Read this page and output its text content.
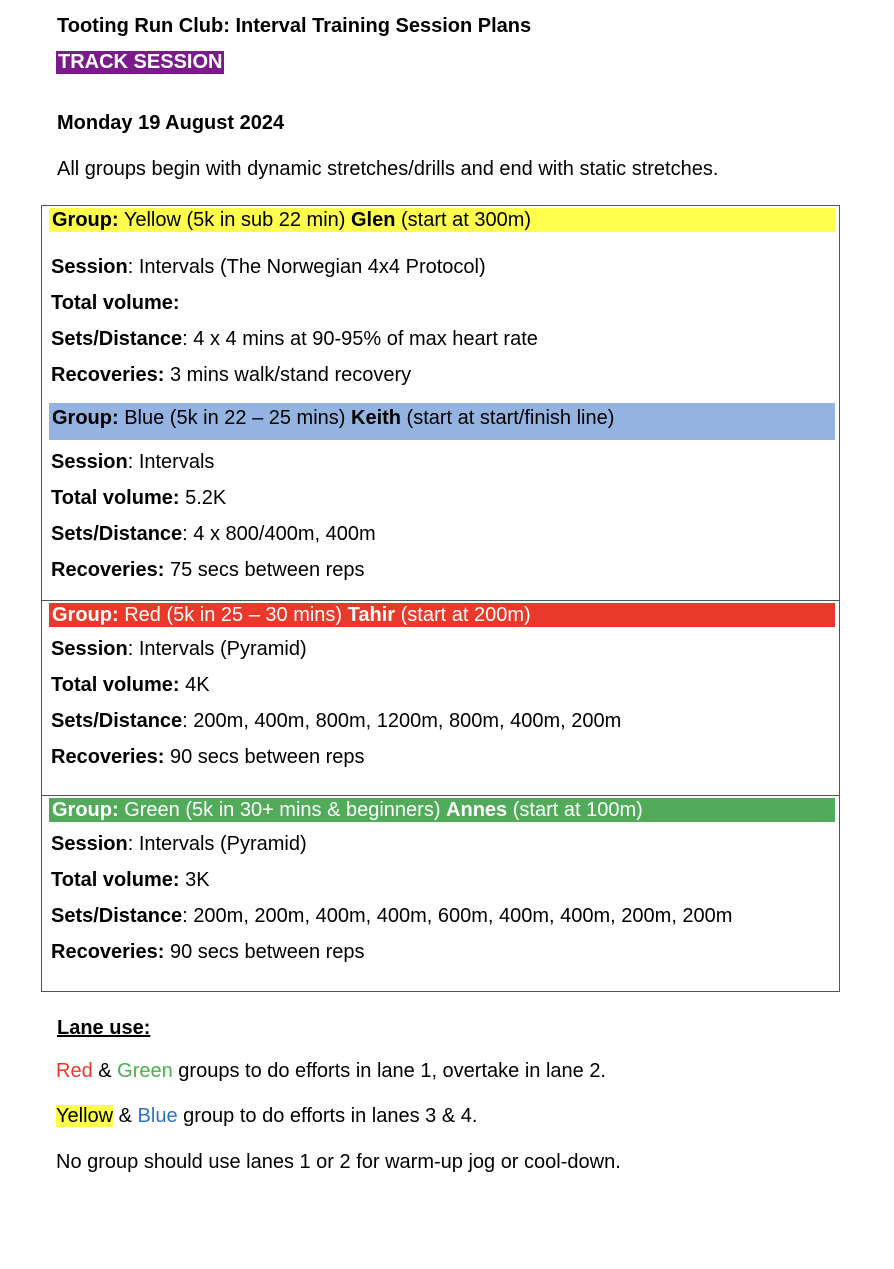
Tooting Run Club: Interval Training Session Plans
TRACK SESSION
Monday 19 August 2024
All groups begin with dynamic stretches/drills and end with static stretches.
Group: Yellow (5k in sub 22 min) Glen (start at 300m)
Session: Intervals (The Norwegian 4x4 Protocol)
Total volume:
Sets/Distance: 4 x 4 mins at 90-95% of max heart rate
Recoveries: 3 mins walk/stand recovery
Group: Blue (5k in 22 – 25 mins) Keith (start at start/finish line)
Session: Intervals
Total volume: 5.2K
Sets/Distance: 4 x 800/400m, 400m
Recoveries: 75 secs between reps
Group: Red (5k in 25 – 30 mins) Tahir (start at 200m)
Session: Intervals (Pyramid)
Total volume: 4K
Sets/Distance: 200m, 400m, 800m, 1200m, 800m, 400m, 200m
Recoveries: 90 secs between reps
Group: Green (5k in 30+ mins & beginners) Annes (start at 100m)
Session: Intervals (Pyramid)
Total volume: 3K
Sets/Distance: 200m, 200m, 400m, 400m, 600m, 400m, 400m, 200m, 200m
Recoveries: 90 secs between reps
Lane use:
Red & Green groups to do efforts in lane 1, overtake in lane 2.
Yellow & Blue group to do efforts in lanes 3 & 4.
No group should use lanes 1 or 2 for warm-up jog or cool-down.
